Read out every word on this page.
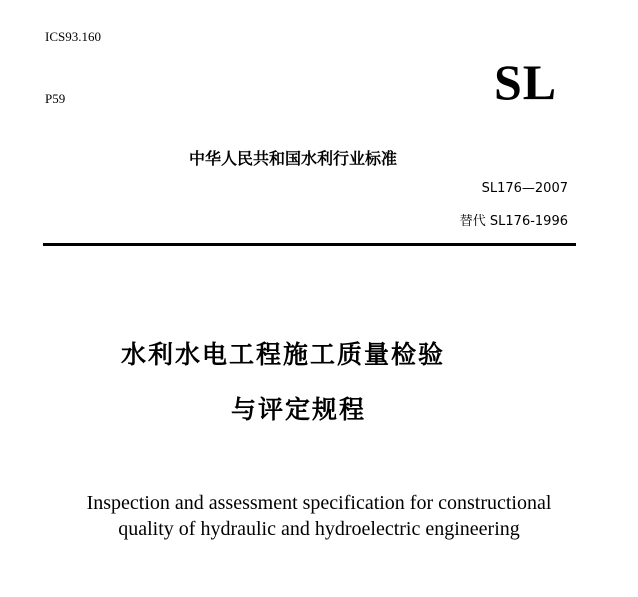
ICS93.160
P59	SL
中华人民共和国水利行业标准
SL176—2007
替代 SL176-1996
水利水电工程施工质量检验
与评定规程
Inspection and assessment specification for constructional
quality of hydraulic and hydroelectric engineering
